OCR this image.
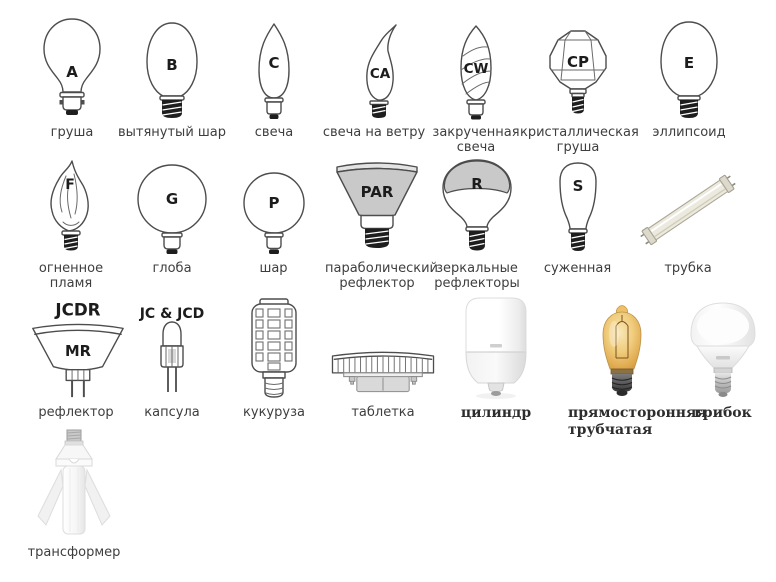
A
груша
B
вытянутый шар
C
свеча
CA
свеча на ветру
CW
закрученная свеча
CP
кристаллическая груша
E
эллипсоид
F
огненное пламя
G
глоба
P
шар
PAR
параболический рефлектор
R
зеркальные рефлекторы
S
суженная	трубка
JCDR
MR
рефлектор
JC & JCD
капсула	кукуруза	таблетка	цилиндр	прямосторонняя трубчатая
грибок
трансформер
